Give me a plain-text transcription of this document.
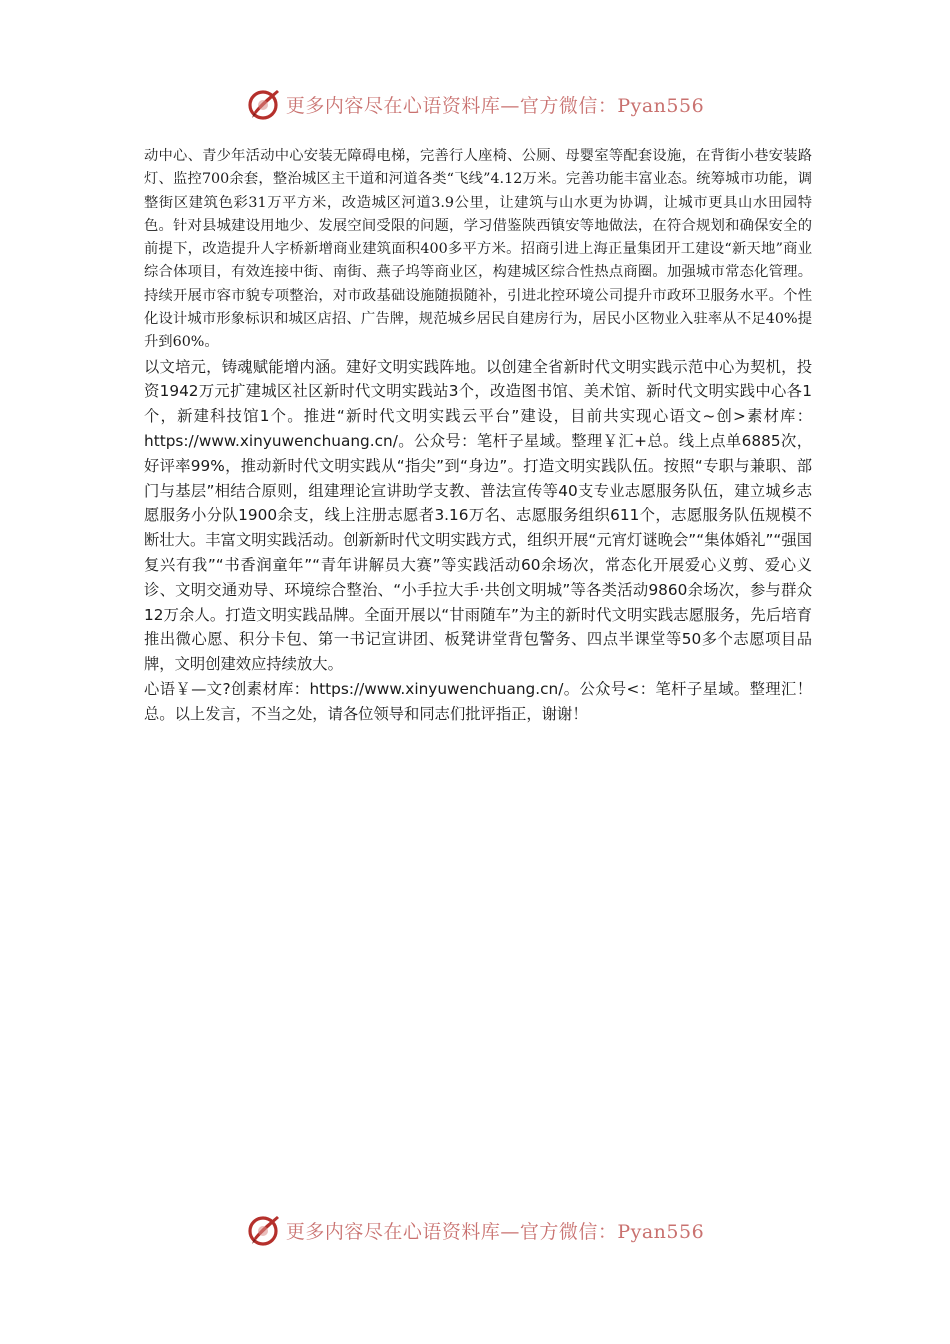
更多内容尽在心语资料库—官方微信：Pyan556

动中心、青少年活动中心安装无障碍电梯，完善行人座椅、公厕、母婴室等配套设施，在背街小巷安装路灯、监控700余套，整治城区主干道和河道各类“飞线”4.12万米。完善功能丰富业态。统筹城市功能，调整街区建筑色彩31万平方米，改造城区河道3.9公里，让建筑与山水更为协调，让城市更具山水田园特色。针对县城建设用地少、发展空间受限的问题，学习借鉴陕西镇安等地做法，在符合规划和确保安全的前提下，改造提升人字桥新增商业建筑面积400多平方米。招商引进上海正量集团开工建设“新天地”商业综合体项目，有效连接中街、南街、燕子坞等商业区，构建城区综合性热点商圈。加强城市常态化管理。持续开展市容市貌专项整治，对市政基础设施随损随补，引进北控环境公司提升市政环卫服务水平。个性化设计城市形象标识和城区店招、广告牌，规范城乡居民自建房行为，居民小区物业入驻率从不足40%提升到60%。

以文培元，铸魂赋能增内涵。建好文明实践阵地。以创建全省新时代文明实践示范中心为契机，投资1942万元扩建城区社区新时代文明实践站3个，改造图书馆、美术馆、新时代文明实践中心各1个，新建科技馆1个。推进“新时代文明实践云平台”建设，目前共实现心语文~创>素材库：https://www.xinyuwenchuang.cn/。公众号：笔杆子星域。整理￥汇+总。线上点单6885次，好评率99%，推动新时代文明实践从“指尖”到“身边”。打造文明实践队伍。按照“专职与兼职、部门与基层”相结合原则，组建理论宣讲助学支教、普法宣传等40支专业志愿服务队伍，建立城乡志愿服务小分队1900余支，线上注册志愿者3.16万名、志愿服务组织611个，志愿服务队伍规模不断壮大。丰富文明实践活动。创新新时代文明实践方式，组织开展“元宵灯谜晚会”“集体婚礼”“强国复兴有我”“书香润童年”“青年讲解员大赛”等实践活动60余场次，常态化开展爱心义剪、爱心义诊、文明交通劝导、环境综合整治、“小手拉大手·共创文明城”等各类活动9860余场次，参与群众12万余人。打造文明实践品牌。全面开展以“甘雨随车”为主的新时代文明实践志愿服务，先后培育推出微心愿、积分卡包、第一书记宣讲团、板凳讲堂背包警务、四点半课堂等50多个志愿项目品牌，文明创建效应持续放大。

心语￥—文?创素材库：https://www.xinyuwenchuang.cn/。公众号<：笔杆子星域。整理汇！总。以上发言，不当之处，请各位领导和同志们批评指正，谢谢！

更多内容尽在心语资料库—官方微信：Pyan556
